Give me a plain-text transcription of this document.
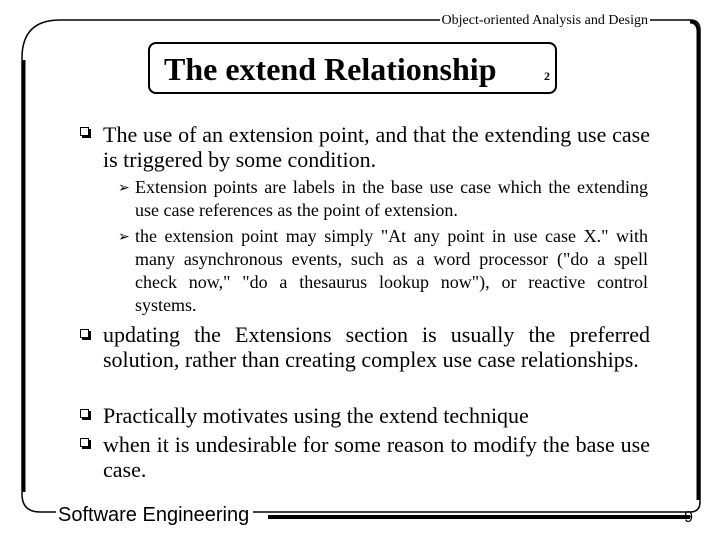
Object-oriented Analysis and Design
The extend Relationship	2
The use of an extension point, and that the extending use case is triggered by some condition.
➢ Extension points are labels in the base use case which the extending use case references as the point of extension.
➢ the extension point may simply "At any point in use case X." with many asynchronous events, such as a word processor ("do a spell check now," "do a thesaurus lookup now"), or reactive control systems.
updating the Extensions section is usually the preferred solution, rather than creating complex use case relationships.
Practically motivates using the extend technique
when it is undesirable for some reason to modify the base use case.
Software Engineering	9
